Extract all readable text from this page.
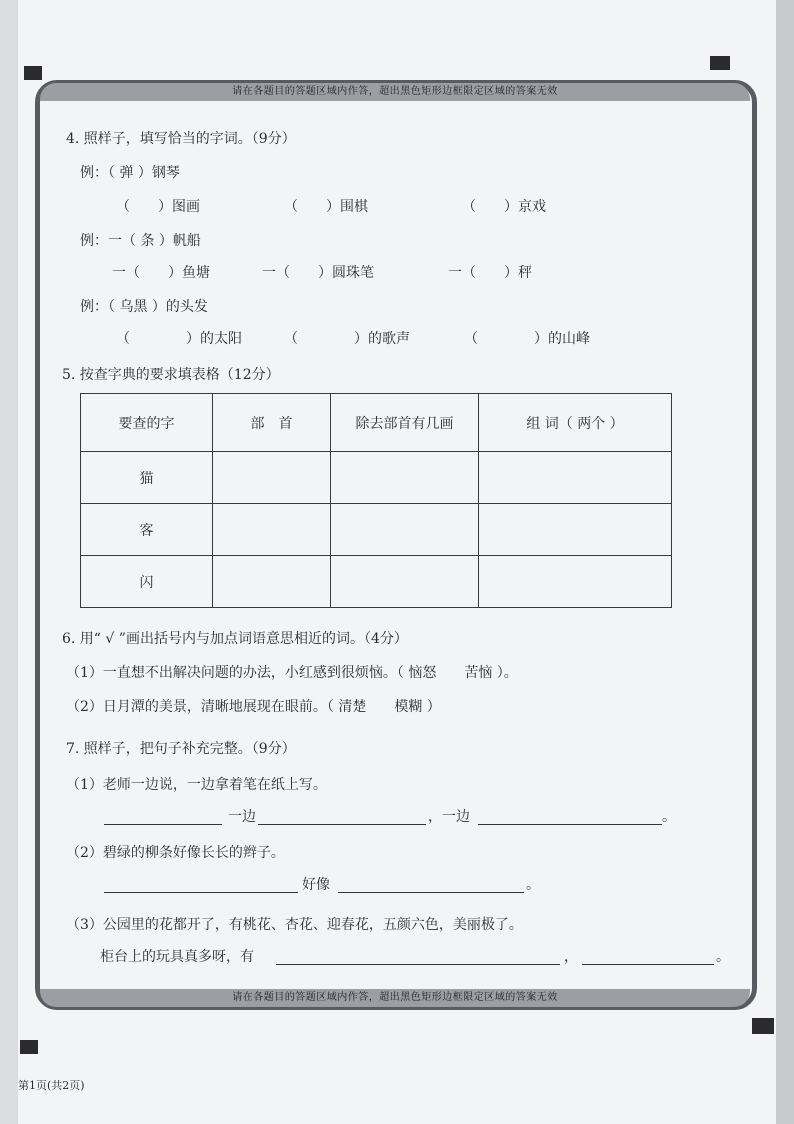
请在各题目的答题区域内作答，超出黑色矩形边框限定区域的答案无效
请在各题目的答题区域内作答，超出黑色矩形边框限定区域的答案无效
4. 照样子，填写恰当的字词。（9分）
例：（ 弹 ）钢琴
（　　）图画	（　　）围棋	（　　）京戏
例：一（ 条 ）帆船
一（　　）鱼塘	一（　　）圆珠笔	一（　　）秤
例：（ 乌黑 ）的头发
（　　　　）的太阳	（　　　　）的歌声	（　　　　）的山峰
5. 按查字典的要求填表格（12分）
要查的字	部　首	除去部首有几画	组 词（ 两个 ）
猫			
客			
闪			
6. 用“ √ ”画出括号内与加点词语意思相近的词。（4分）
（1）一直想不出解决问题的办法，小红感到很烦恼。（ 恼怒　　苦恼 ）。
（2）日月潭的美景，清晰地展现在眼前。（ 清楚　　模糊 ）
7. 照样子，把句子补充完整。（9分）
（1）老师一边说，一边拿着笔在纸上写。
一边	，一边	。
（2）碧绿的柳条好像长长的辫子。
好像	。
（3）公园里的花都开了，有桃花、杏花、迎春花，五颜六色，美丽极了。
柜台上的玩具真多呀，有	，	。
第1页(共2页)
